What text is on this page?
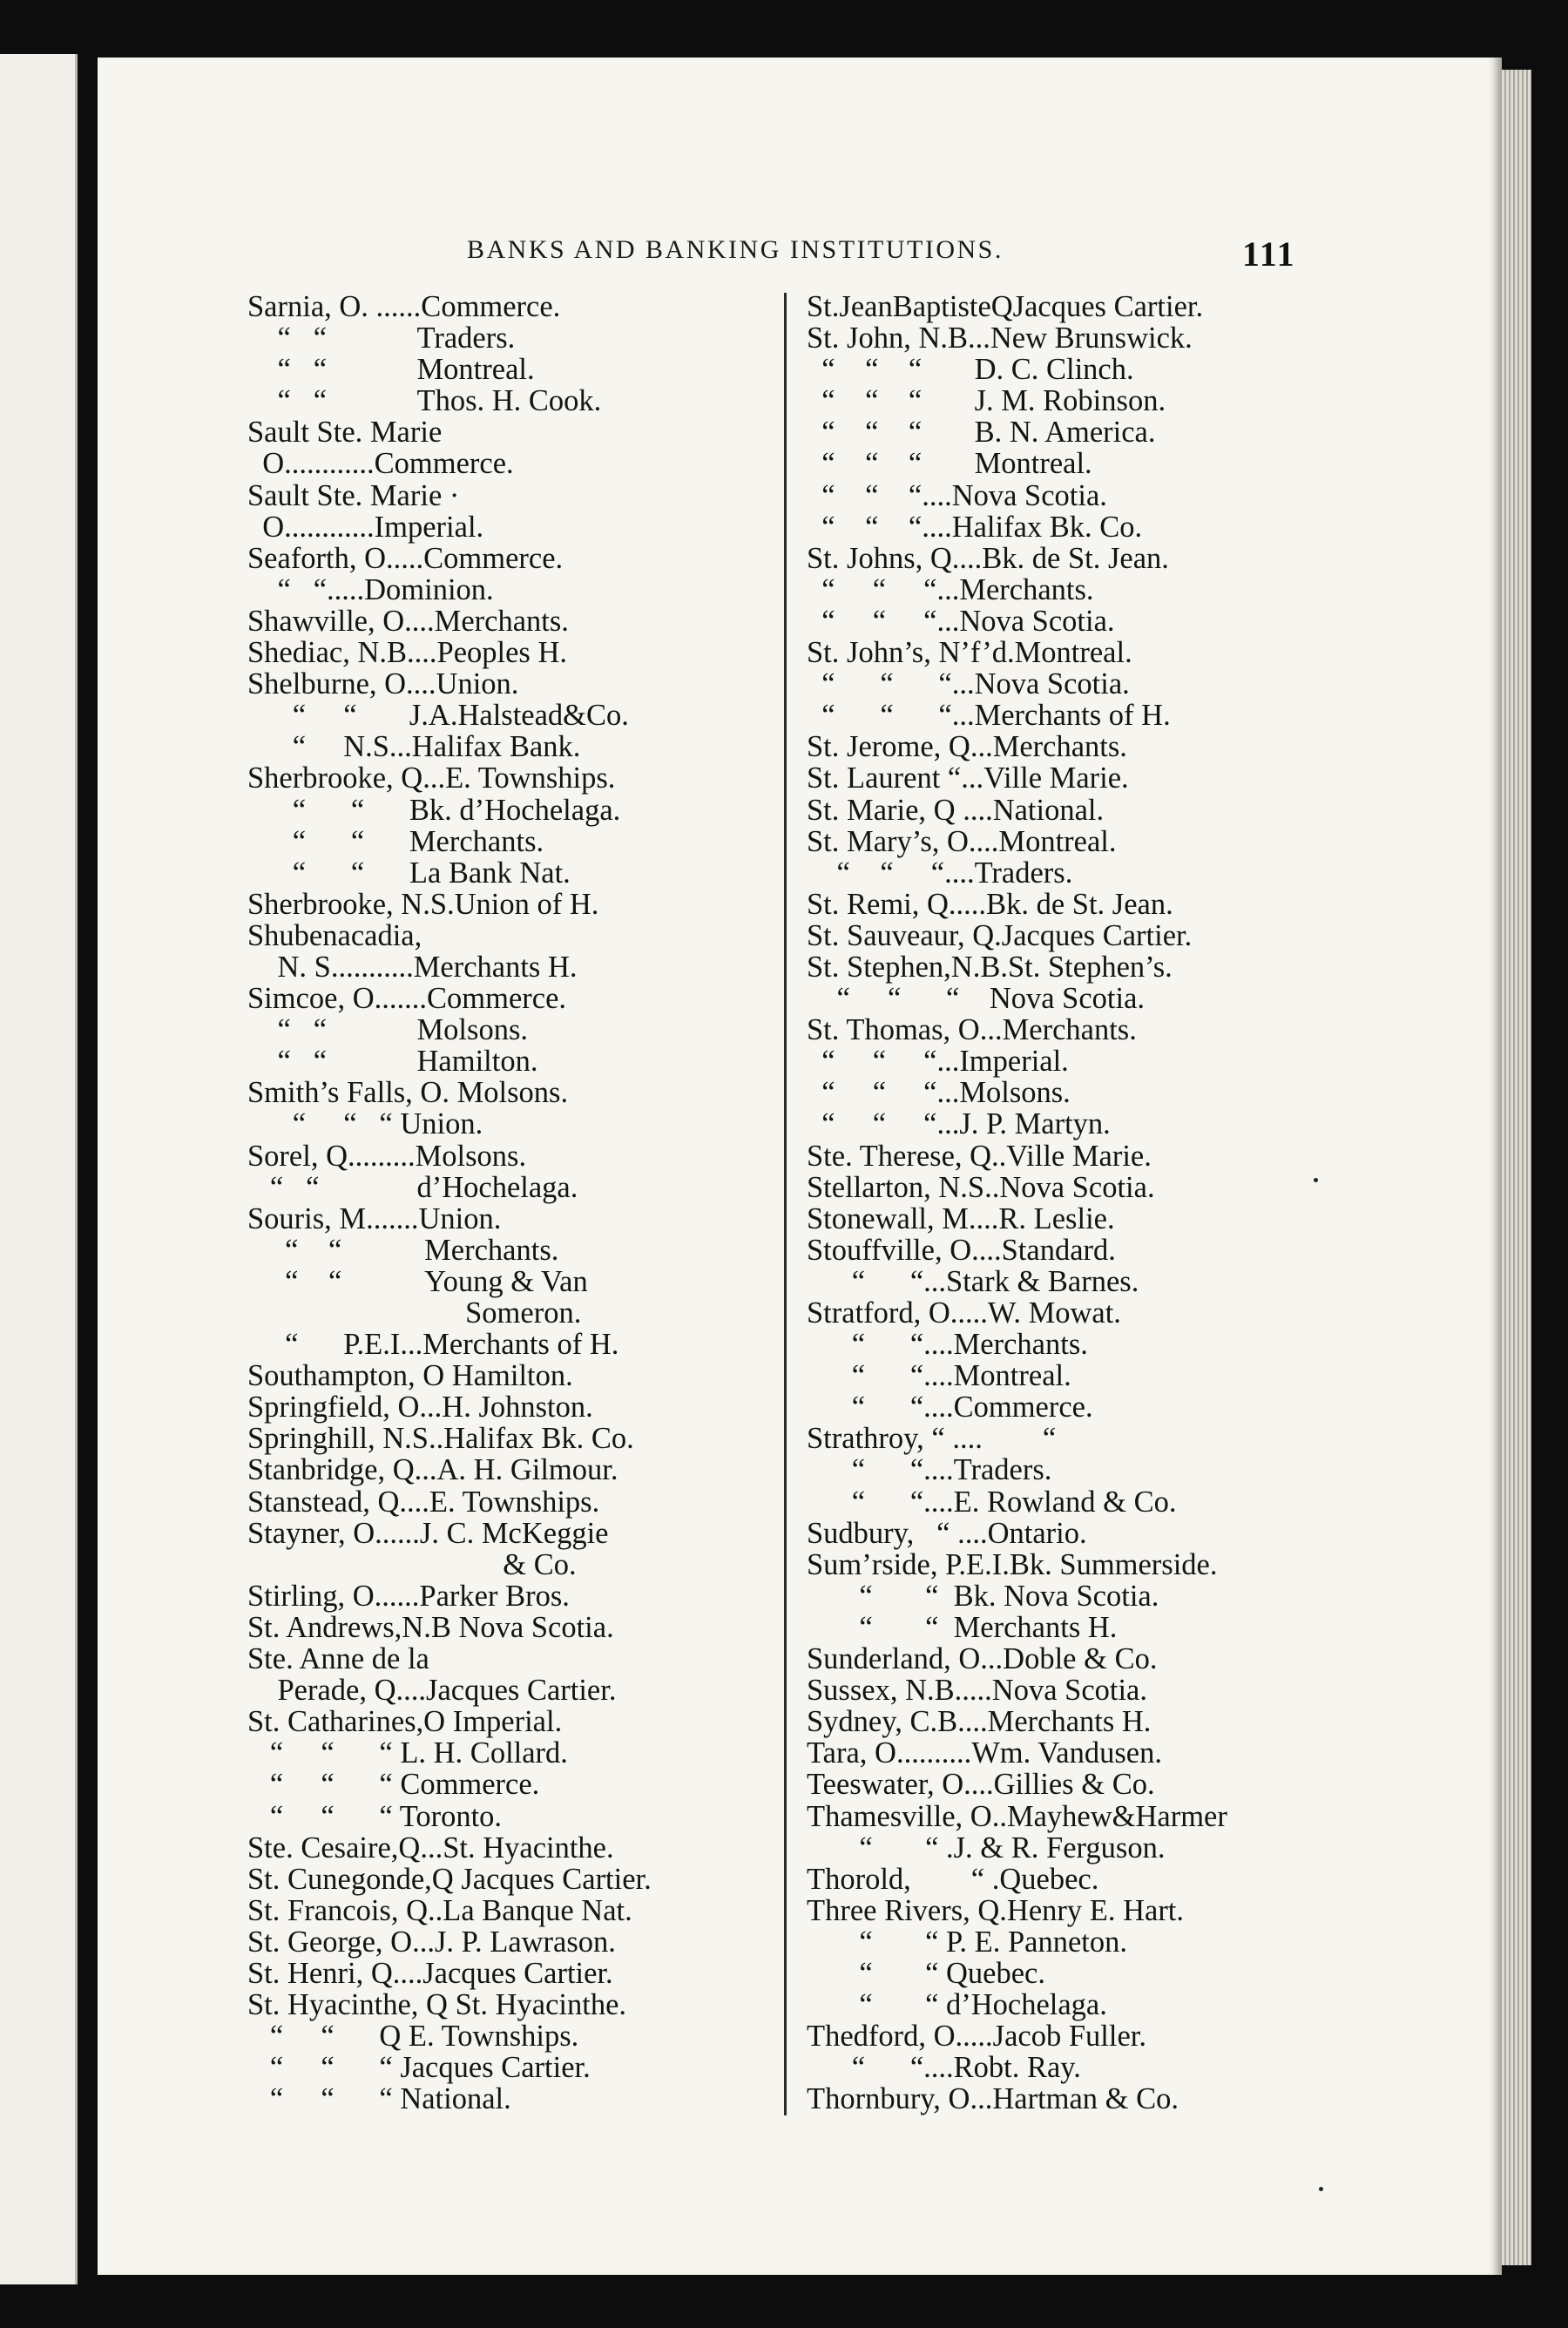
BANKS AND BANKING INSTITUTIONS.	111
Sarnia, O. ......Commerce.
“   “            Traders.
“   “            Montreal.
“   “            Thos. H. Cook.
Sault Ste. Marie
O............Commerce.
Sault Ste. Marie ·
O............Imperial.
Seaforth, O.....Commerce.
“   “.....Dominion.
Shawville, O....Merchants.
Shediac, N.B....Peoples H.
Shelburne, O....Union.
“     “       J.A.Halstead&Co.
“     N.S...Halifax Bank.
Sherbrooke, Q...E. Townships.
“      “      Bk. d’Hochelaga.
“      “      Merchants.
“      “      La Bank Nat.
Sherbrooke, N.S.Union of H.
Shubenacadia,
N. S...........Merchants H.
Simcoe, O.......Commerce.
“   “            Molsons.
“   “            Hamilton.
Smith’s Falls, O. Molsons.
“     “   “ Union.
Sorel, Q.........Molsons.
“   “             d’Hochelaga.
Souris, M.......Union.
“    “           Merchants.
“    “           Young & Van
Someron.
“      P.E.I...Merchants of H.
Southampton, O Hamilton.
Springfield, O...H. Johnston.
Springhill, N.S..Halifax Bk. Co.
Stanbridge, Q...A. H. Gilmour.
Stanstead, Q....E. Townships.
Stayner, O......J. C. McKeggie
& Co.
Stirling, O......Parker Bros.
St. Andrews,N.B Nova Scotia.
Ste. Anne de la
Perade, Q....Jacques Cartier.
St. Catharines,O Imperial.
“     “      “ L. H. Collard.
“     “      “ Commerce.
“     “      “ Toronto.
Ste. Cesaire,Q...St. Hyacinthe.
St. Cunegonde,Q Jacques Cartier.
St. Francois, Q..La Banque Nat.
St. George, O...J. P. Lawrason.
St. Henri, Q....Jacques Cartier.
St. Hyacinthe, Q St. Hyacinthe.
“     “      Q E. Townships.
“     “      “ Jacques Cartier.
“     “      “ National.
St.JeanBaptisteQJacques Cartier.
St. John, N.B...New Brunswick.
“    “    “       D. C. Clinch.
“    “    “       J. M. Robinson.
“    “    “       B. N. America.
“    “    “       Montreal.
“    “    “....Nova Scotia.
“    “    “....Halifax Bk. Co.
St. Johns, Q....Bk. de St. Jean.
“     “     “...Merchants.
“     “     “...Nova Scotia.
St. John’s, N’f’d.Montreal.
“      “      “...Nova Scotia.
“      “      “...Merchants of H.
St. Jerome, Q...Merchants.
St. Laurent “...Ville Marie.
St. Marie, Q ....National.
St. Mary’s, O....Montreal.
“    “     “....Traders.
St. Remi, Q.....Bk. de St. Jean.
St. Sauveaur, Q.Jacques Cartier.
St. Stephen,N.B.St. Stephen’s.
“     “      “    Nova Scotia.
St. Thomas, O...Merchants.
“     “     “...Imperial.
“     “     “...Molsons.
“     “     “...J. P. Martyn.
Ste. Therese, Q..Ville Marie.
Stellarton, N.S..Nova Scotia.
Stonewall, M....R. Leslie.
Stouffville, O....Standard.
“      “...Stark & Barnes.
Stratford, O.....W. Mowat.
“      “....Merchants.
“      “....Montreal.
“      “....Commerce.
Strathroy, “ ....        “
“      “....Traders.
“      “....E. Rowland & Co.
Sudbury,   “ ....Ontario.
Sum’rside, P.E.I.Bk. Summerside.
“       “  Bk. Nova Scotia.
“       “  Merchants H.
Sunderland, O...Doble & Co.
Sussex, N.B.....Nova Scotia.
Sydney, C.B....Merchants H.
Tara, O..........Wm. Vandusen.
Teeswater, O....Gillies & Co.
Thamesville, O..Mayhew&Harmer
“       “ .J. & R. Ferguson.
Thorold,        “ .Quebec.
Three Rivers, Q.Henry E. Hart.
“       “ P. E. Panneton.
“       “ Quebec.
“       “ d’Hochelaga.
Thedford, O.....Jacob Fuller.
“      “....Robt. Ray.
Thornbury, O...Hartman & Co.
